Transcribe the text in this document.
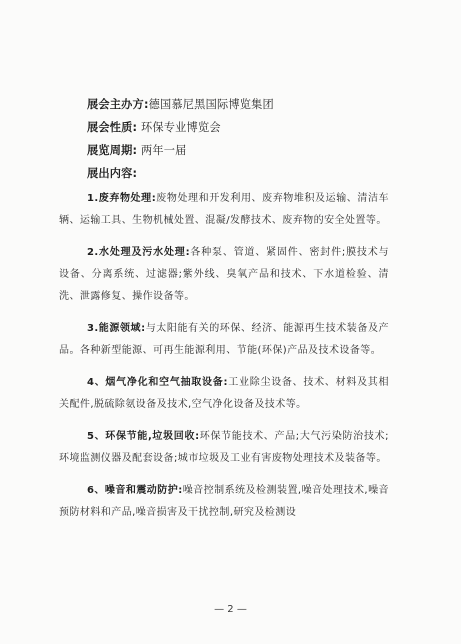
展会主办方:德国慕尼黑国际博览集团
展会性质: 环保专业博览会
展览周期: 两年一届
展出内容:

1.废弃物处理:废物处理和开发利用、废弃物堆积及运输、清洁车辆、运输工具、生物机械处置、混凝/发酵技术、废弃物的安全处置等。

2.水处理及污水处理:各种泵、管道、紧固件、密封件;膜技术与设备、分离系统、过滤器;紫外线、臭氧产品和技术、下水道检验、清洗、泄露修复、操作设备等。

3.能源领域:与太阳能有关的环保、经济、能源再生技术装备及产品。各种新型能源、可再生能源利用、节能(环保)产品及技术设备等。

4、烟气净化和空气抽取设备:工业除尘设备、技术、材料及其相关配件,脱硫除氨设备及技术,空气净化设备及技术等。

5、环保节能,垃圾回收:环保节能技术、产品;大气污染防治技术;环境监测仪器及配套设备;城市垃圾及工业有害废物处理技术及装备等。

6、噪音和震动防护:噪音控制系统及检测装置,噪音处理技术,噪音预防材料和产品,噪音损害及干扰控制,研究及检测设

— 2 —
